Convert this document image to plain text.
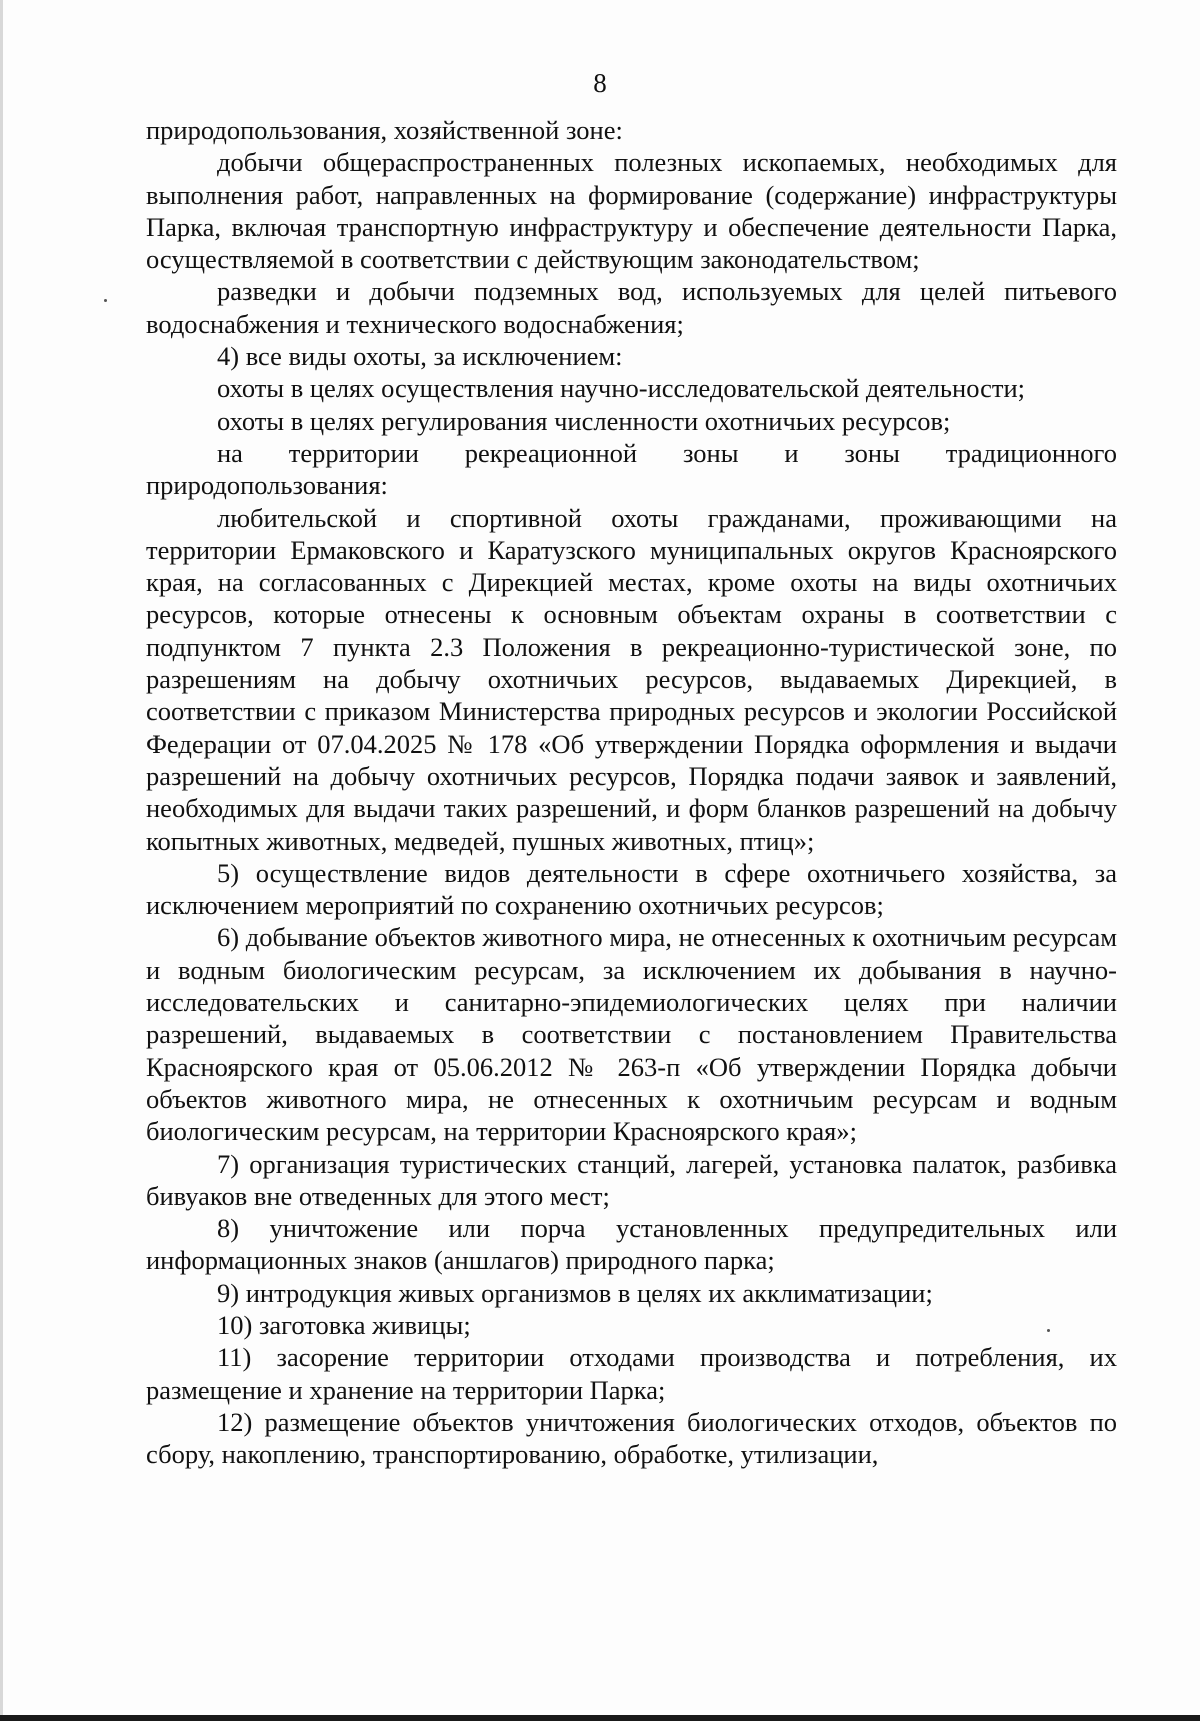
8

природопользования, хозяйственной зоне:

добычи общераспространенных полезных ископаемых, необходимых для выполнения работ, направленных на формирование (содержание) инфраструктуры Парка, включая транспортную инфраструктуру и обеспечение деятельности Парка, осуществляемой в соответствии с действующим законодательством;

разведки и добычи подземных вод, используемых для целей питьевого водоснабжения и технического водоснабжения;

4) все виды охоты, за исключением:

охоты в целях осуществления научно-исследовательской деятельности;

охоты в целях регулирования численности охотничьих ресурсов;

на территории рекреационной зоны и зоны традиционного природопользования:

любительской и спортивной охоты гражданами, проживающими на территории Ермаковского и Каратузского муниципальных округов Красноярского края, на согласованных с Дирекцией местах, кроме охоты на виды охотничьих ресурсов, которые отнесены к основным объектам охраны в соответствии с подпунктом 7 пункта 2.3 Положения в рекреационно-туристической зоне, по разрешениям на добычу охотничьих ресурсов, выдаваемых Дирекцией, в соответствии с приказом Министерства природных ресурсов и экологии Российской Федерации от 07.04.2025 № 178 «Об утверждении Порядка оформления и выдачи разрешений на добычу охотничьих ресурсов, Порядка подачи заявок и заявлений, необходимых для выдачи таких разрешений, и форм бланков разрешений на добычу копытных животных, медведей, пушных животных, птиц»;

5) осуществление видов деятельности в сфере охотничьего хозяйства, за исключением мероприятий по сохранению охотничьих ресурсов;

6) добывание объектов животного мира, не отнесенных к охотничьим ресурсам и водным биологическим ресурсам, за исключением их добывания в научно-исследовательских и санитарно-эпидемиологических целях при наличии разрешений, выдаваемых в соответствии с постановлением Правительства Красноярского края от 05.06.2012 № 263-п «Об утверждении Порядка добычи объектов животного мира, не отнесенных к охотничьим ресурсам и водным биологическим ресурсам, на территории Красноярского края»;

7) организация туристических станций, лагерей, установка палаток, разбивка бивуаков вне отведенных для этого мест;

8) уничтожение или порча установленных предупредительных или информационных знаков (аншлагов) природного парка;

9) интродукция живых организмов в целях их акклиматизации;

10) заготовка живицы;

11) засорение территории отходами производства и потребления, их размещение и хранение на территории Парка;

12) размещение объектов уничтожения биологических отходов, объектов по сбору, накоплению, транспортированию, обработке, утилизации,
